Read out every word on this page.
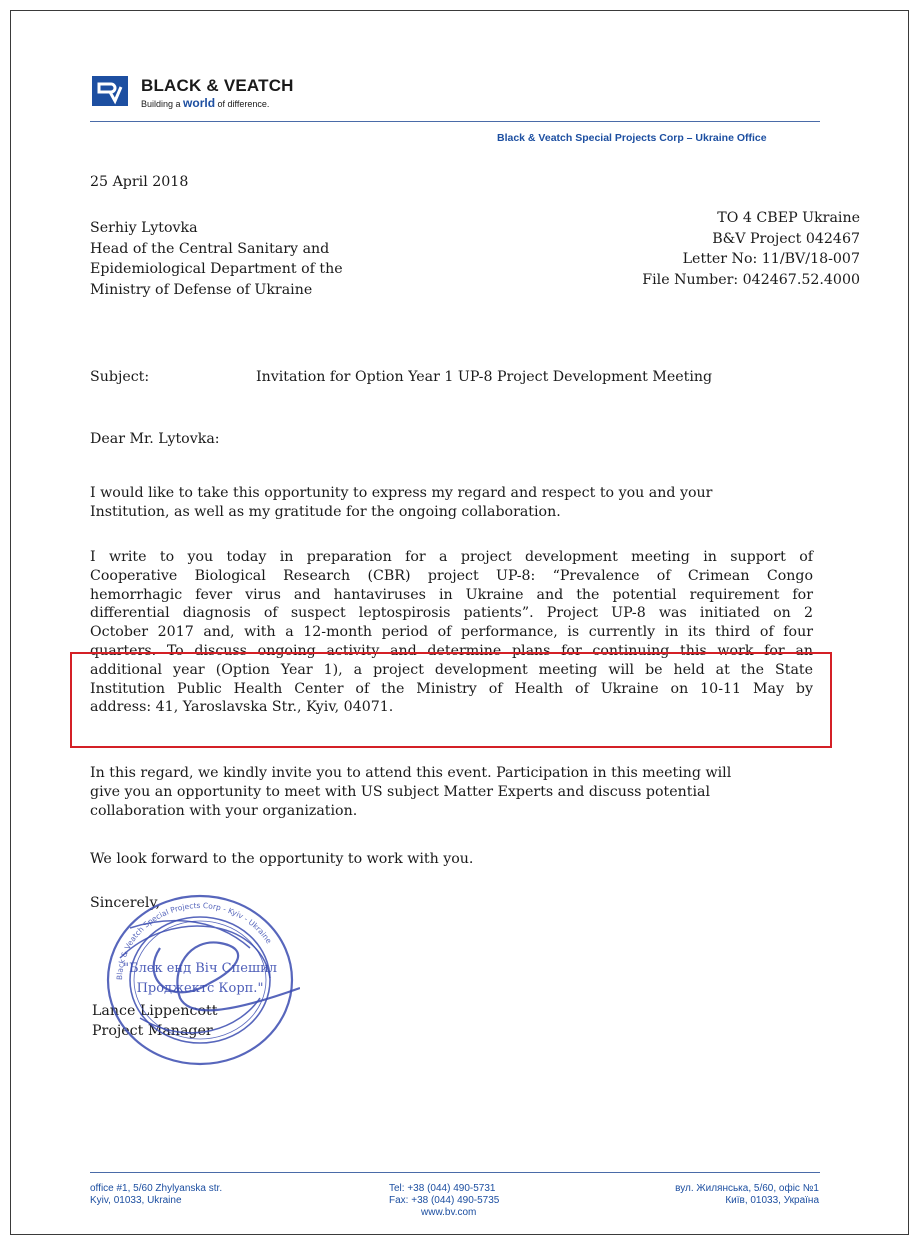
BLACK & VEATCH
Building a world of difference.
Black & Veatch Special Projects Corp – Ukraine Office
25 April 2018
Serhiy Lytovka
Head of the Central Sanitary and
Epidemiological Department of the
Ministry of Defense of Ukraine
TO 4 CBEP Ukraine
B&V Project 042467
Letter No: 11/BV/18-007
File Number: 042467.52.4000
Subject:	Invitation for Option Year 1 UP-8 Project Development Meeting
Dear Mr. Lytovka:
I would like to take this opportunity to express my regard and respect to you and your
Institution, as well as my gratitude for the ongoing collaboration.
I write to you today in preparation for a project development meeting in support of
Cooperative Biological Research (CBR) project UP-8: “Prevalence of Crimean Congo
hemorrhagic fever virus and hantaviruses in Ukraine and the potential requirement for
differential diagnosis of suspect leptospirosis patients”. Project UP-8 was initiated on 2
October 2017 and, with a 12-month period of performance, is currently in its third of four
quarters. To discuss ongoing activity and determine plans for continuing this work for an
additional year (Option Year 1), a project development meeting will be held at the State
Institution Public Health Center of the Ministry of Health of Ukraine on 10-11 May by
address: 41, Yaroslavska Str., Kyiv, 04071.
In this regard, we kindly invite you to attend this event. Participation in this meeting will
give you an opportunity to meet with US subject Matter Experts and discuss potential
collaboration with your organization.
We look forward to the opportunity to work with you.
Sincerely,
Lance Lippencott
Project Manager
"Блек енд Віч Спешил
Проджектс Корп."
Black & Veatch Special Projects Corp - Kyiv - Ukraine
office #1, 5/60 Zhylyanska str.
Kyiv, 01033, Ukraine
Tel: +38 (044) 490-5731
Fax: +38 (044) 490-5735
www.bv.com
вул. Жилянська, 5/60, офіс №1
Київ, 01033, Україна
